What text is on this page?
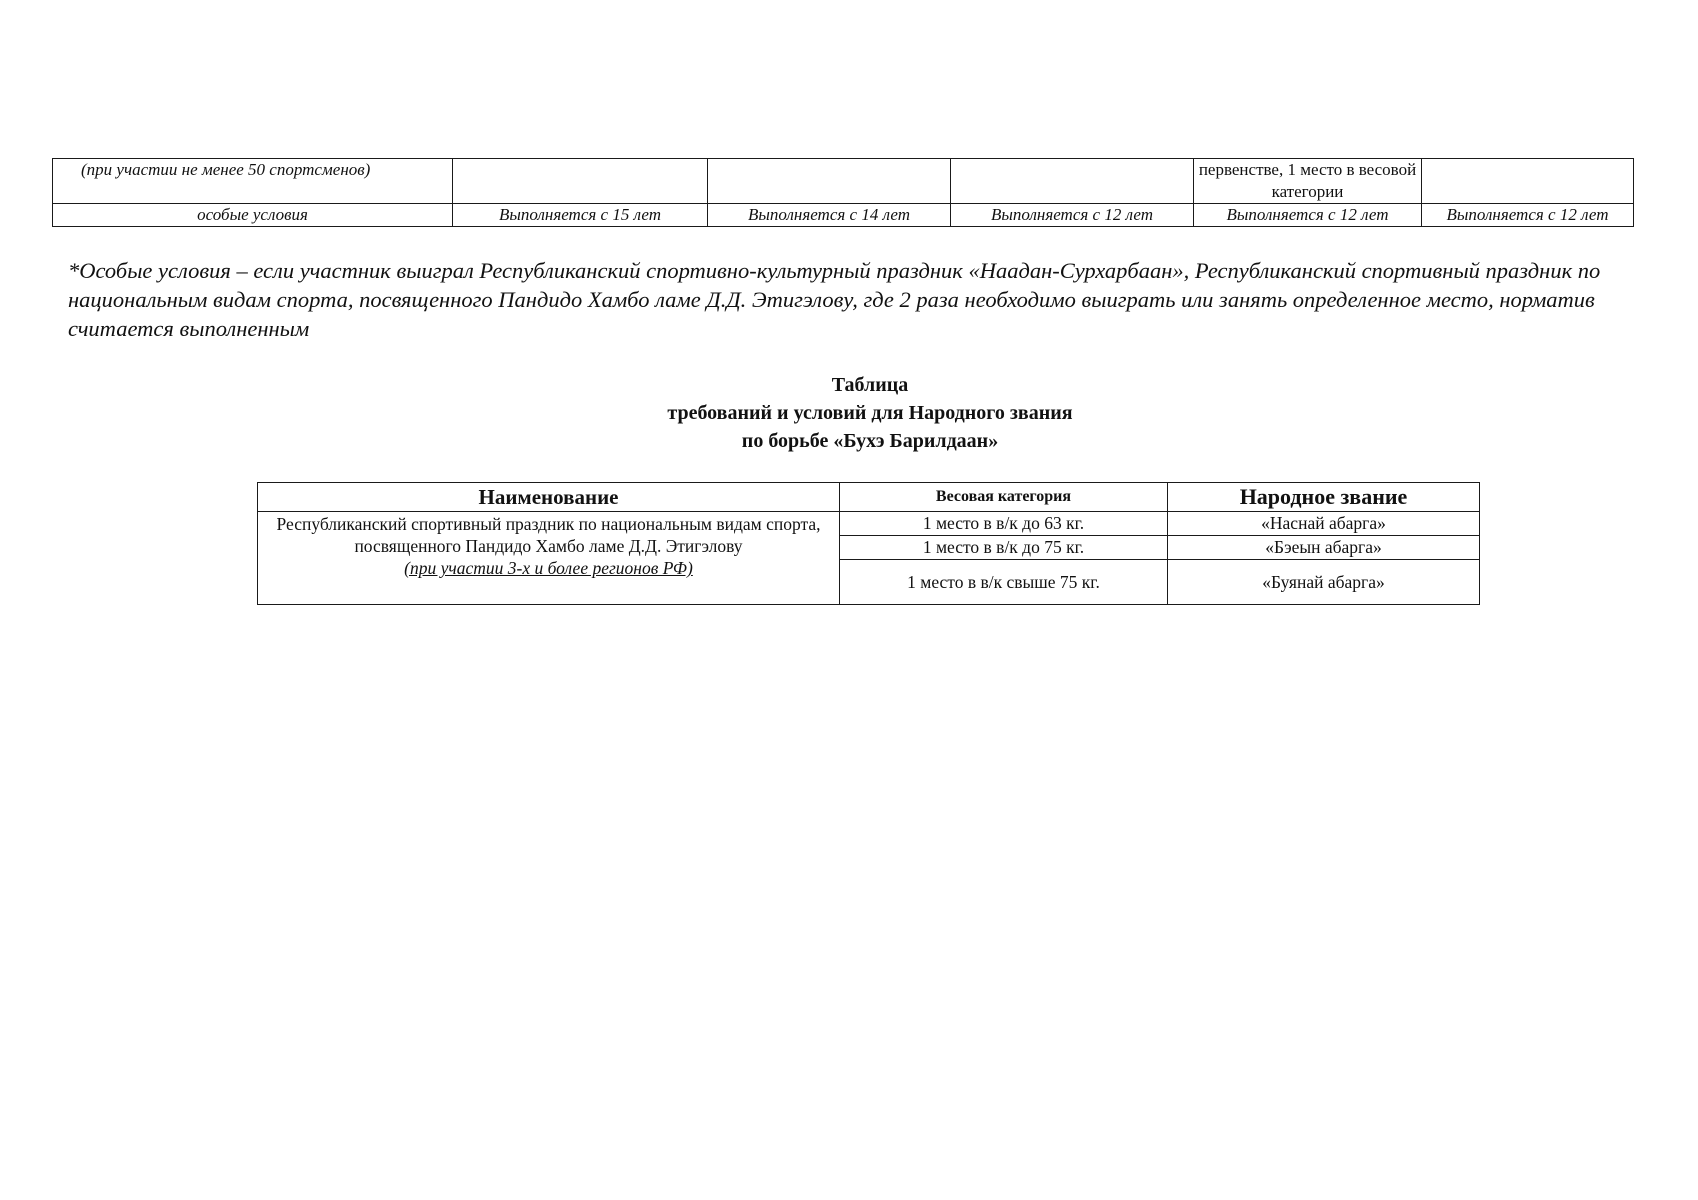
(при участии не менее 50 спортсменов)				первенстве, 1 место в весовой категории	
особые условия	Выполняется с 15 лет	Выполняется с 14 лет	Выполняется с 12 лет	Выполняется с 12 лет	Выполняется с 12 лет
*Особые условия – если участник выиграл Республиканский спортивно-культурный праздник «Наадан-Сурхарбаан», Республиканский спортивный праздник по национальным видам спорта, посвященного Пандидо Хамбо ламе Д.Д. Этигэлову, где 2 раза необходимо выиграть или занять определенное место, норматив считается выполненным
Таблица
требований и условий для Народного звания
по борьбе «Бухэ Барилдаан»
Наименование	Весовая категория	Народное звание
Республиканский спортивный праздник по национальным видам спорта, посвященного Пандидо Хамбо ламе Д.Д. Этигэлову
(при участии 3-х и более регионов РФ)	1 место в в/к до 63 кг.	«Наснай абарга»
	1 место в в/к до 75 кг.	«Бэеын абарга»
	1 место в в/к свыше 75 кг.	«Буянай абарга»
